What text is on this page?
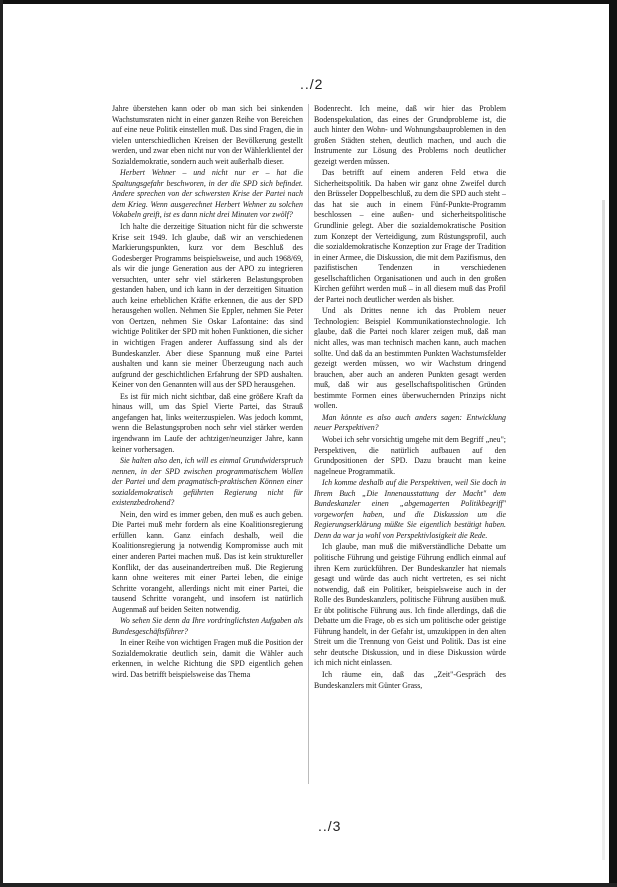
../2

Jahre überstehen kann oder ob man sich bei sinkenden Wachstumsraten nicht in einer ganzen Reihe von Bereichen auf eine neue Politik einstellen muß. Das sind Fragen, die in vielen unterschiedlichen Kreisen der Bevölkerung gestellt werden, und zwar eben nicht nur von der Wählerklientel der Sozialdemokratie, sondern auch weit außerhalb dieser.

Herbert Wehner – und nicht nur er – hat die Spaltungsgefahr beschworen, in der die SPD sich befindet. Andere sprechen von der schwersten Krise der Partei nach dem Krieg. Wenn ausgerechnet Herbert Wehner zu solchen Vokabeln greift, ist es dann nicht drei Minuten vor zwölf?

Ich halte die derzeitige Situation nicht für die schwerste Krise seit 1949. Ich glaube, daß wir an verschiedenen Markierungspunkten, kurz vor dem Beschluß des Godesberger Programms beispielsweise, und auch 1968/69, als wir die junge Generation aus der APO zu integrieren versuchten, unter sehr viel stärkeren Belastungsproben gestanden haben, und ich kann in der derzeitigen Situation auch keine erheblichen Kräfte erkennen, die aus der SPD herausgehen wollen. Nehmen Sie Eppler, nehmen Sie Peter von Oertzen, nehmen Sie Oskar Lafontaine: das sind wichtige Politiker der SPD mit hohen Funktionen, die sicher in wichtigen Fragen anderer Auffassung sind als der Bundeskanzler. Aber diese Spannung muß eine Partei aushalten und kann sie meiner Überzeugung nach auch aufgrund der geschichtlichen Erfahrung der SPD aushalten. Keiner von den Genannten will aus der SPD herausgehen.

Es ist für mich nicht sichtbar, daß eine größere Kraft da hinaus will, um das Spiel Vierte Partei, das Strauß angefangen hat, links weiterzuspielen. Was jedoch kommt, wenn die Belastungsproben noch sehr viel stärker werden irgendwann im Laufe der achtziger/neunziger Jahre, kann keiner vorhersagen.

Sie halten also den, ich will es einmal Grundwiderspruch nennen, in der SPD zwischen programmatischem Wollen der Partei und dem pragmatisch-praktischen Können einer sozialdemokratisch geführten Regierung nicht für existenzbedrohend?

Nein, den wird es immer geben, den muß es auch geben. Die Partei muß mehr fordern als eine Koalitionsregierung erfüllen kann. Ganz einfach deshalb, weil die Koalitionsregierung ja notwendig Kompromisse auch mit einer anderen Partei machen muß. Das ist kein struktureller Konflikt, der das auseinandertreiben muß. Die Regierung kann ohne weiteres mit einer Partei leben, die einige Schritte vorangeht, allerdings nicht mit einer Partei, die tausend Schritte vorangeht, und insofern ist natürlich Augenmaß auf beiden Seiten notwendig.

Wo sehen Sie denn da Ihre vordringlichsten Aufgaben als Bundesgeschäftsführer?

In einer Reihe von wichtigen Fragen muß die Position der Sozialdemokratie deutlich sein, damit die Wähler auch erkennen, in welche Richtung die SPD eigentlich gehen wird. Das betrifft beispielsweise das Thema

Bodenrecht. Ich meine, daß wir hier das Problem Bodenspekulation, das eines der Grundprobleme ist, die auch hinter den Wohn- und Wohnungsbauproblemen in den großen Städten stehen, deutlich machen, und auch die Instrumente zur Lösung des Problems noch deutlicher gezeigt werden müssen.

Das betrifft auf einem anderen Feld etwa die Sicherheitspolitik. Da haben wir ganz ohne Zweifel durch den Brüsseler Doppelbeschluß, zu dem die SPD auch steht – das hat sie auch in einem Fünf-Punkte-Programm beschlossen – eine außen- und sicherheitspolitische Grundlinie gelegt. Aber die sozialdemokratische Position zum Konzept der Verteidigung, zum Rüstungsprofil, auch die sozialdemokratische Konzeption zur Frage der Tradition in einer Armee, die Diskussion, die mit dem Pazifismus, den pazifistischen Tendenzen in verschiedenen gesellschaftlichen Organisationen und auch in den großen Kirchen geführt werden muß – in all diesem muß das Profil der Partei noch deutlicher werden als bisher.

Und als Drittes nenne ich das Problem neuer Technologien: Beispiel Kommunikationstechnologie. Ich glaube, daß die Partei noch klarer zeigen muß, daß man nicht alles, was man technisch machen kann, auch machen sollte. Und daß da an bestimmten Punkten Wachstumsfelder gezeigt werden müssen, wo wir Wachstum dringend brauchen, aber auch an anderen Punkten gesagt werden muß, daß wir aus gesellschaftspolitischen Gründen bestimmte Formen eines überwuchernden Prinzips nicht wollen.

Man könnte es also auch anders sagen: Entwicklung neuer Perspektiven?

Wobei ich sehr vorsichtig umgehe mit dem Begriff „neu"; Perspektiven, die natürlich aufbauen auf den Grundpositionen der SPD. Dazu braucht man keine nagelneue Programmatik.

Ich komme deshalb auf die Perspektiven, weil Sie doch in Ihrem Buch „Die Innenausstattung der Macht" dem Bundeskanzler einen „abgemagerten Politikbegriff" vorgeworfen haben, und die Diskussion um die Regierungserklärung müßte Sie eigentlich bestätigt haben. Denn da war ja wohl von Perspektivlosigkeit die Rede.

Ich glaube, man muß die mißverständliche Debatte um politische Führung und geistige Führung endlich einmal auf ihren Kern zurückführen. Der Bundeskanzler hat niemals gesagt und würde das auch nicht vertreten, es sei nicht notwendig, daß ein Politiker, beispielsweise auch in der Rolle des Bundeskanzlers, politische Führung ausüben muß. Er übt politische Führung aus. Ich finde allerdings, daß die Debatte um die Frage, ob es sich um politische oder geistige Führung handelt, in der Gefahr ist, umzukippen in den alten Streit um die Trennung von Geist und Politik. Das ist eine sehr deutsche Diskussion, und in diese Diskussion würde ich mich nicht einlassen.

Ich räume ein, daß das „Zeit"-Gespräch des Bundeskanzlers mit Günter Grass,

../3
